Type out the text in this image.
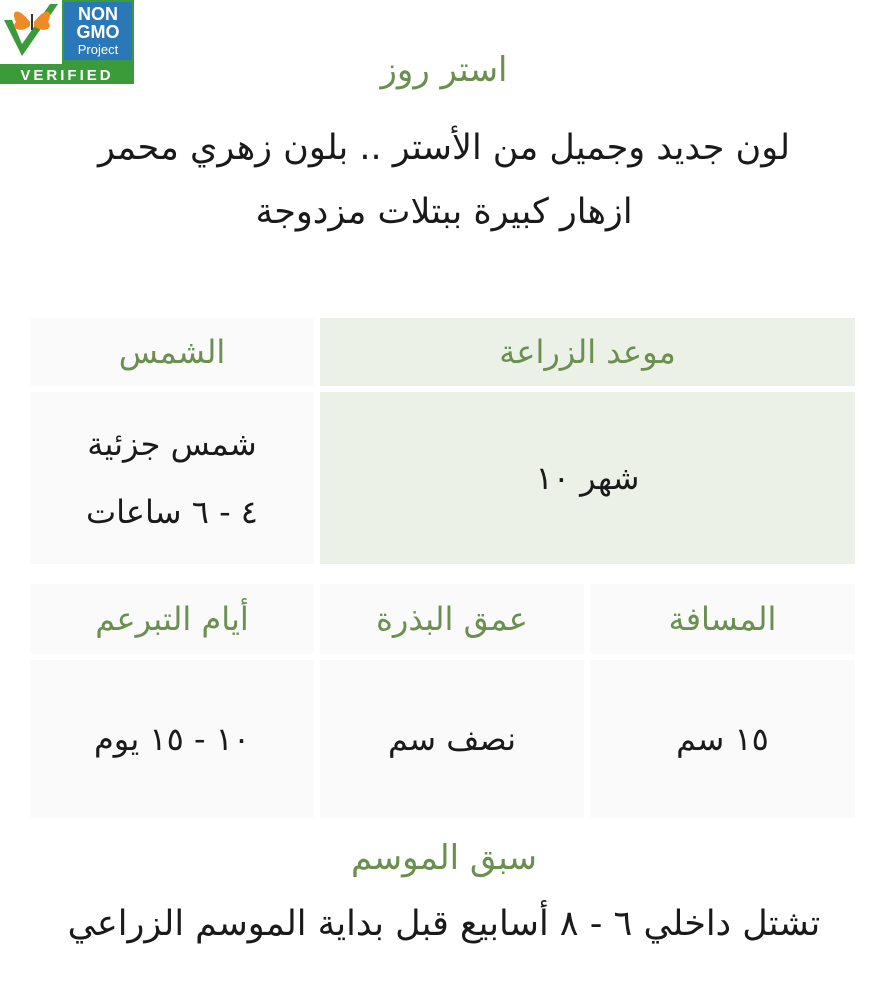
NON
GMO
Project
VERIFIED	استر روز
لون جديد وجميل من الأستر .. بلون زهري محمر
ازهار كبيرة ببتلات مزدوجة
موعد الزراعة
الشمس
شهر ١٠
شمس جزئية
٤ - ٦ ساعات
المسافة
عمق البذرة
أيام التبرعم
١٥ سم
نصف سم
١٠ - ١٥ يوم
سبق الموسم
تشتل داخلي ٦ - ٨ أسابيع قبل بداية الموسم الزراعي
